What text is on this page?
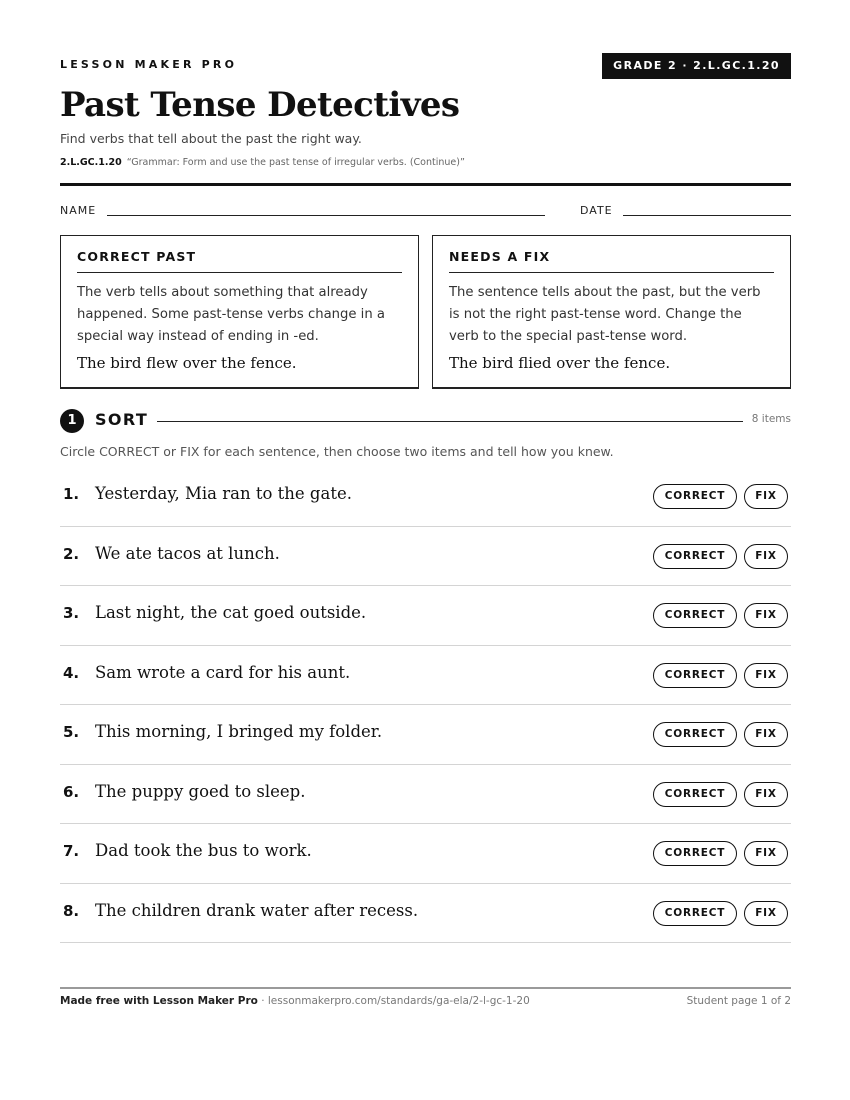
LESSON MAKER PRO	GRADE 2 · 2.L.GC.1.20
Past Tense Detectives
Find verbs that tell about the past the right way.
2.L.GC.1.20 “Grammar: Form and use the past tense of irregular verbs. (Continue)”
NAME	DATE
CORRECT PAST
The verb tells about something that already happened. Some past-tense verbs change in a special way instead of ending in -ed.
The bird flew over the fence.
NEEDS A FIX
The sentence tells about the past, but the verb is not the right past-tense word. Change the verb to the special past-tense word.
The bird flied over the fence.
1	SORT	8 items
Circle CORRECT or FIX for each sentence, then choose two items and tell how you knew.
1. Yesterday, Mia ran to the gate.	CORRECT	FIX
2. We ate tacos at lunch.	CORRECT	FIX
3. Last night, the cat goed outside.	CORRECT	FIX
4. Sam wrote a card for his aunt.	CORRECT	FIX
5. This morning, I bringed my folder.	CORRECT	FIX
6. The puppy goed to sleep.	CORRECT	FIX
7. Dad took the bus to work.	CORRECT	FIX
8. The children drank water after recess.	CORRECT	FIX
Made free with Lesson Maker Pro · lessonmakerpro.com/standards/ga-ela/2-l-gc-1-20	Student page 1 of 2
